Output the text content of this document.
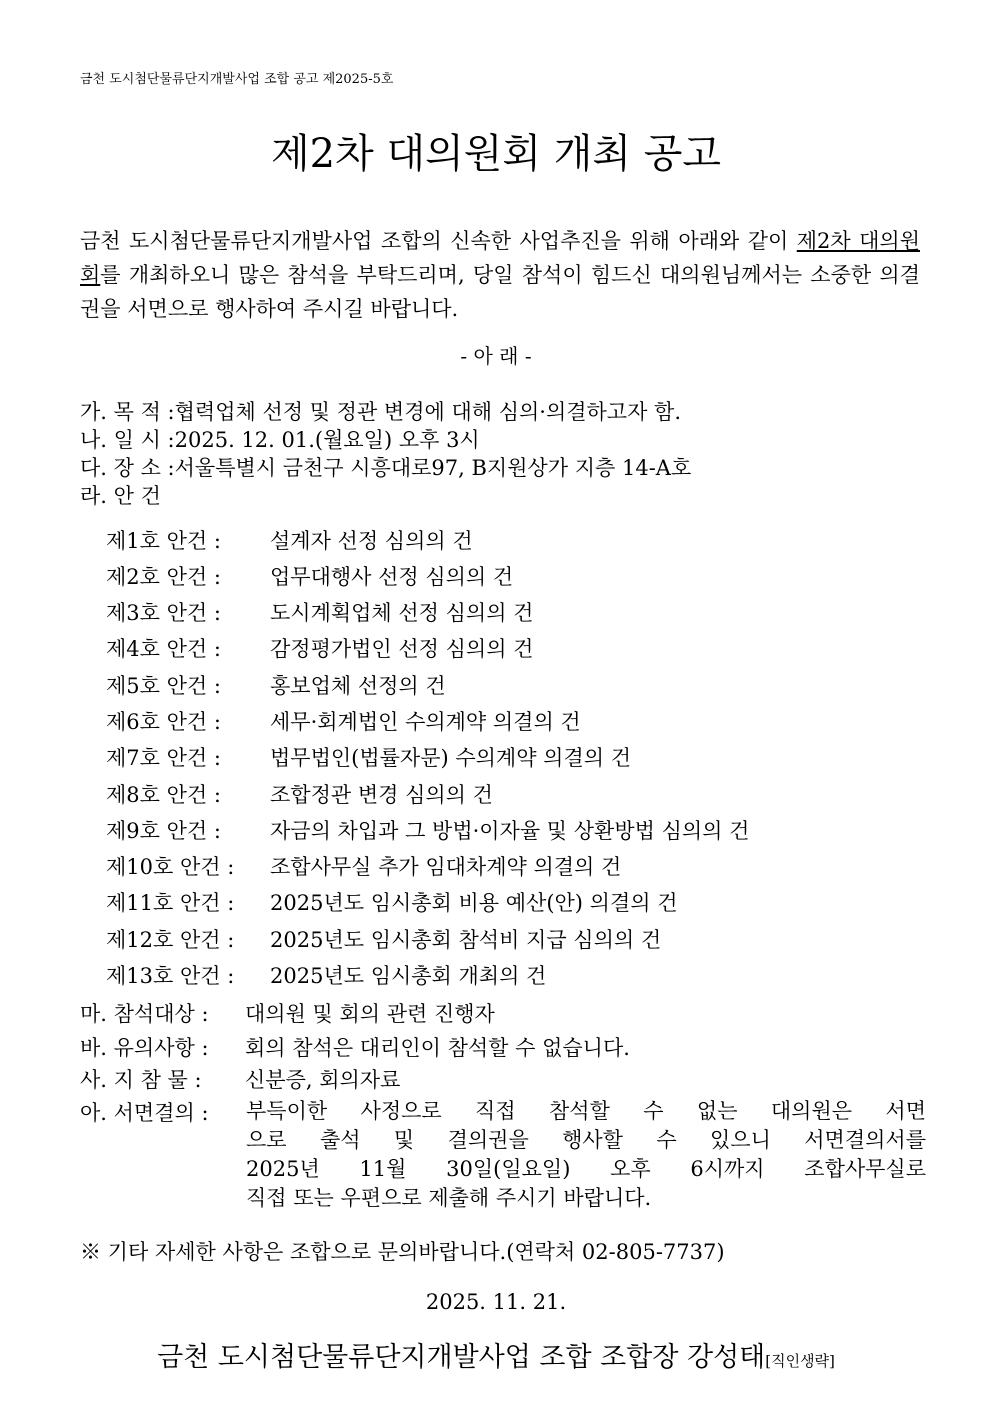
금천 도시첨단물류단지개발사업 조합 공고 제2025-5호
제2차 대의원회 개최 공고
금천 도시첨단물류단지개발사업 조합의 신속한 사업추진을 위해 아래와 같이 제2차 대의원회를 개최하오니 많은 참석을 부탁드리며, 당일 참석이 힘드신 대의원님께서는 소중한 의결권을 서면으로 행사하여 주시길 바랍니다.
- 아 래 -
가. 목 적 :협력업체 선정 및 정관 변경에 대해 심의·의결하고자 함.
나. 일 시 :2025. 12. 01.(월요일) 오후 3시
다. 장 소 :서울특별시 금천구 시흥대로97, B지원상가 지층 14-A호
라. 안 건
제1호 안건 : 설계자 선정 심의의 건
제2호 안건 : 업무대행사 선정 심의의 건
제3호 안건 : 도시계획업체 선정 심의의 건
제4호 안건 : 감정평가법인 선정 심의의 건
제5호 안건 : 홍보업체 선정의 건
제6호 안건 : 세무·회계법인 수의계약 의결의 건
제7호 안건 : 법무법인(법률자문) 수의계약 의결의 건
제8호 안건 : 조합정관 변경 심의의 건
제9호 안건 : 자금의 차입과 그 방법·이자율 및 상환방법 심의의 건
제10호 안건 : 조합사무실 추가 임대차계약 의결의 건
제11호 안건 : 2025년도 임시총회 비용 예산(안) 의결의 건
제12호 안건 : 2025년도 임시총회 참석비 지급 심의의 건
제13호 안건 : 2025년도 임시총회 개최의 건
마. 참석대상 : 대의원 및 회의 관련 진행자
바. 유의사항 : 회의 참석은 대리인이 참석할 수 없습니다.
사. 지 참 물 : 신분증, 회의자료
아. 서면결의 : 부득이한 사정으로 직접 참석할 수 없는 대의원은 서면
으로 출석 및 결의권을 행사할 수 있으니 서면결의서를
2025년 11월 30일(일요일) 오후 6시까지 조합사무실로
직접 또는 우편으로 제출해 주시기 바랍니다.
※ 기타 자세한 사항은 조합으로 문의바랍니다.(연락처 02-805-7737)
2025. 11. 21.
금천 도시첨단물류단지개발사업 조합 조합장 강성태[직인생략]
